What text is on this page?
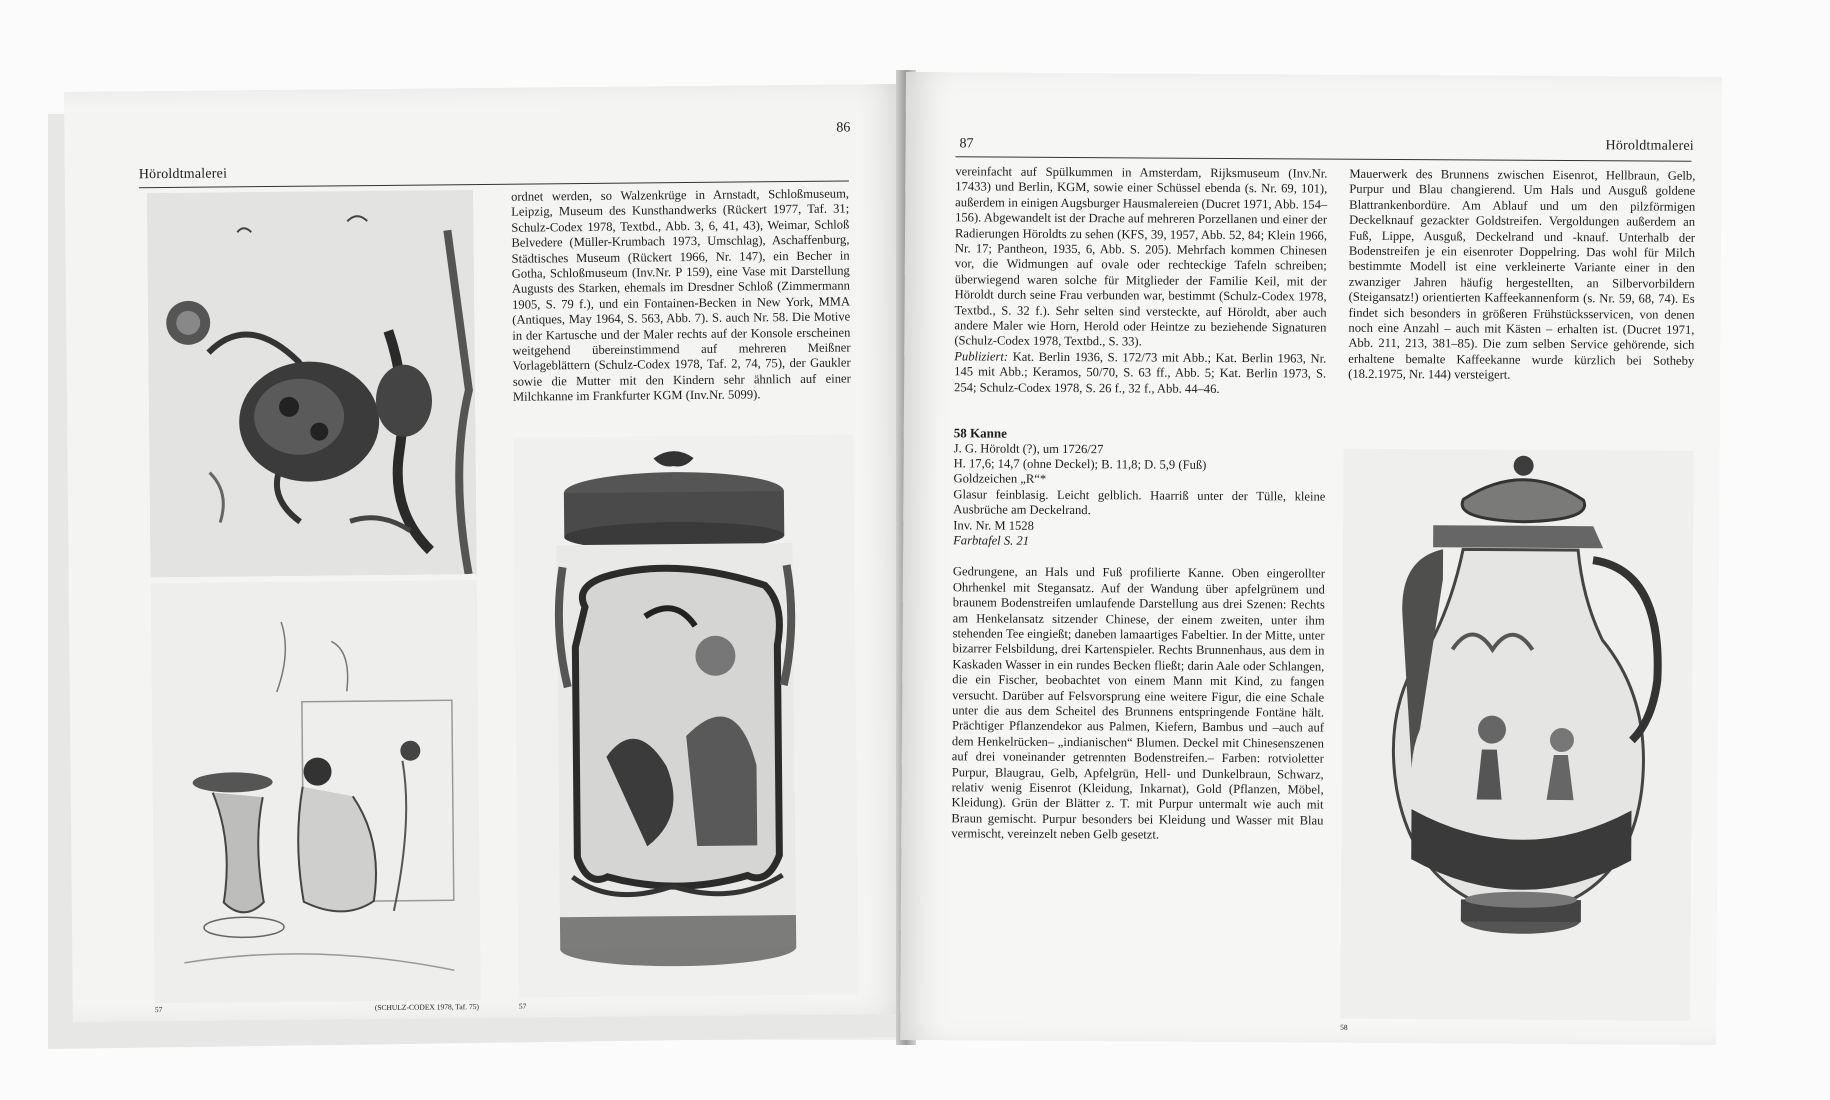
86
Höroldtmalerei
57	(SCHULZ-CODEX 1978, Taf. 75)

ordnet werden, so Walzenkrüge in Arnstadt, Schloßmuseum, Leipzig, Museum des Kunsthandwerks (Rückert 1977, Taf. 31; Schulz-Codex 1978, Textbd., Abb. 3, 6, 41, 43), Weimar, Schloß Belvedere (Müller-Krumbach 1973, Umschlag), Aschaffenburg, Städtisches Museum (Rückert 1966, Nr. 147), ein Becher in Gotha, Schloßmuseum (Inv.Nr. P 159), eine Vase mit Darstellung Augusts des Starken, ehemals im Dresdner Schloß (Zimmermann 1905, S. 79 f.), und ein Fontainen-Becken in New York, MMA (Antiques, May 1964, S. 563, Abb. 7). S. auch Nr. 58. Die Motive in der Kartusche und der Maler rechts auf der Konsole erscheinen weitgehend übereinstimmend auf mehreren Meißner Vorlageblättern (Schulz-Codex 1978, Taf. 2, 74, 75), der Gaukler sowie die Mutter mit den Kindern sehr ähnlich auf einer Milchkanne im Frankfurter KGM (Inv.Nr. 5099).

57
87	Höroldtmalerei

vereinfacht auf Spülkummen in Amsterdam, Rijksmuseum (Inv.Nr. 17433) und Berlin, KGM, sowie einer Schüssel ebenda (s. Nr. 69, 101), außerdem in einigen Augsburger Hausmalereien (Ducret 1971, Abb. 154–156). Abgewandelt ist der Drache auf mehreren Porzellanen und einer der Radierungen Höroldts zu sehen (KFS, 39, 1957, Abb. 52, 84; Klein 1966, Nr. 17; Pantheon, 1935, 6, Abb. S. 205). Mehrfach kommen Chinesen vor, die Widmungen auf ovale oder rechteckige Tafeln schreiben; überwiegend waren solche für Mitglieder der Familie Keil, mit der Höroldt durch seine Frau verbunden war, bestimmt (Schulz-Codex 1978, Textbd., S. 32 f.). Sehr selten sind versteckte, auf Höroldt, aber auch andere Maler wie Horn, Herold oder Heintze zu beziehende Signaturen (Schulz-Codex 1978, Textbd., S. 33).

Publiziert: Kat. Berlin 1936, S. 172/73 mit Abb.; Kat. Berlin 1963, Nr. 145 mit Abb.; Keramos, 50/70, S. 63 ff., Abb. 5; Kat. Berlin 1973, S. 254; Schulz-Codex 1978, S. 26 f., 32 f., Abb. 44–46.

58 Kanne

J. G. Höroldt (?), um 1726/27

H. 17,6; 14,7 (ohne Deckel); B. 11,8; D. 5,9 (Fuß)

Goldzeichen „R“*

Glasur feinblasig. Leicht gelblich. Haarriß unter der Tülle, kleine Ausbrüche am Deckelrand.

Inv. Nr. M 1528

Farbtafel S. 21

Gedrungene, an Hals und Fuß profilierte Kanne. Oben eingerollter Ohrhenkel mit Stegansatz. Auf der Wandung über apfelgrünem und braunem Bodenstreifen umlaufende Darstellung aus drei Szenen: Rechts am Henkelansatz sitzender Chinese, der einem zweiten, unter ihm stehenden Tee eingießt; daneben lamaartiges Fabeltier. In der Mitte, unter bizarrer Felsbildung, drei Kartenspieler. Rechts Brunnenhaus, aus dem in Kaskaden Wasser in ein rundes Becken fließt; darin Aale oder Schlangen, die ein Fischer, beobachtet von einem Mann mit Kind, zu fangen versucht. Darüber auf Felsvorsprung eine weitere Figur, die eine Schale unter die aus dem Scheitel des Brunnens entspringende Fontäne hält. Prächtiger Pflanzendekor aus Palmen, Kiefern, Bambus und –auch auf dem Henkelrücken– „indianischen“ Blumen. Deckel mit Chinesenszenen auf drei voneinander getrennten Bodenstreifen.– Farben: rotvioletter Purpur, Blaugrau, Gelb, Apfelgrün, Hell- und Dunkelbraun, Schwarz, relativ wenig Eisenrot (Kleidung, Inkarnat), Gold (Pflanzen, Möbel, Kleidung). Grün der Blätter z. T. mit Purpur untermalt wie auch mit Braun gemischt. Purpur besonders bei Kleidung und Wasser mit Blau vermischt, vereinzelt neben Gelb gesetzt.

Mauerwerk des Brunnens zwischen Eisenrot, Hellbraun, Gelb, Purpur und Blau changierend. Um Hals und Ausguß goldene Blattrankenbordüre. Am Ablauf und um den pilzförmigen Deckelknauf gezackter Goldstreifen. Vergoldungen außerdem an Fuß, Lippe, Ausguß, Deckelrand und -knauf. Unterhalb der Bodenstreifen je ein eisenroter Doppelring. Das wohl für Milch bestimmte Modell ist eine verkleinerte Variante einer in den zwanziger Jahren häufig hergestellten, an Silbervorbildern (Steigansatz!) orientierten Kaffeekannenform (s. Nr. 59, 68, 74). Es findet sich besonders in größeren Frühstücksservicen, von denen noch eine Anzahl – auch mit Kästen – erhalten ist. (Ducret 1971, Abb. 211, 213, 381–85). Die zum selben Service gehörende, sich erhaltene bemalte Kaffeekanne wurde kürzlich bei Sotheby (18.2.1975, Nr. 144) versteigert.

58
